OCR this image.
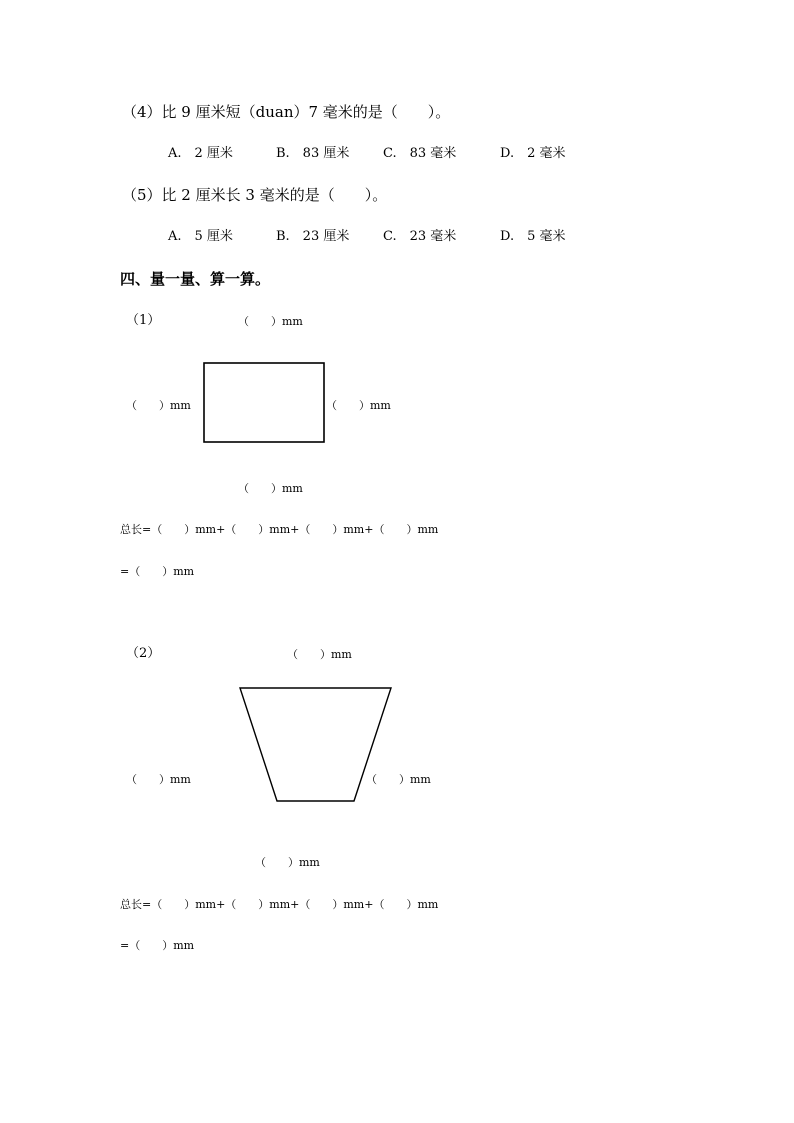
（4）比 9 厘米短（duan）7 毫米的是（　　）。
A.　2 厘米	B.　83 厘米	C.　83 毫米	D.　2 毫米
（5）比 2 厘米长 3 毫米的是（　　）。
A.　5 厘米	B.　23 厘米	C.　23 毫米	D.　5 毫米
四、量一量、算一算。
（1）	（　　）mm
（　　）mm	（　　）mm
（　　）mm
总长=（　　）mm+（　　）mm+（　　）mm+（　　）mm
=（　　）mm
（2）	（　　）mm
（　　）mm	（　　）mm
（　　）mm
总长=（　　）mm+（　　）mm+（　　）mm+（　　）mm
=（　　）mm
